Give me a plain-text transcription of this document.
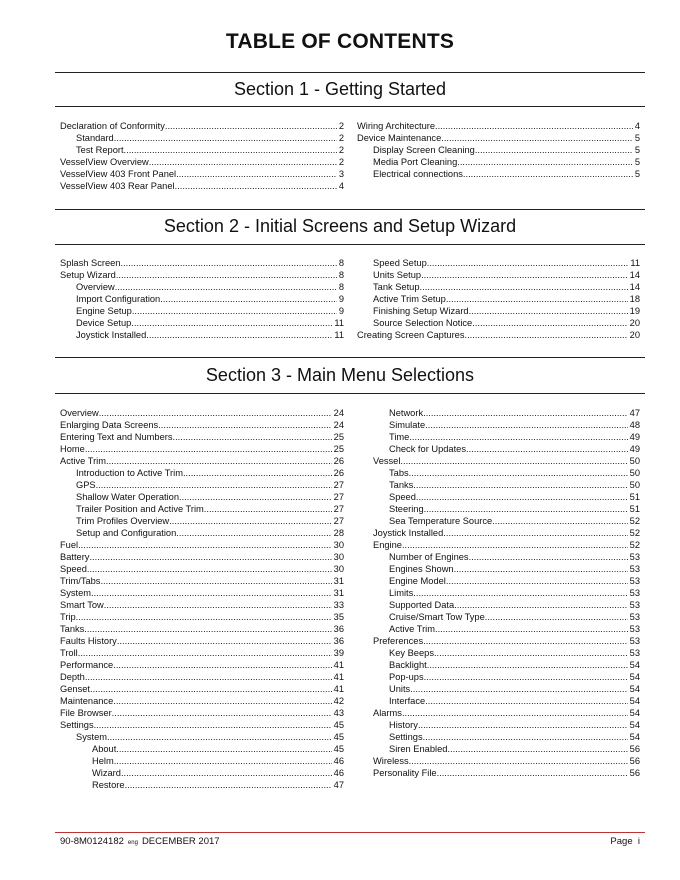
TABLE OF CONTENTS
Section 1 - Getting Started
Declaration of Conformity .....	2
Standard .....	2
Test Report .....	2
VesselView Overview .....	2
VesselView 403 Front Panel .....	3
VesselView 403 Rear Panel .....	4
Wiring Architecture .....	4
Device Maintenance .....	5
Display Screen Cleaning .....	5
Media Port Cleaning .....	5
Electrical connections .....	5
Section 2 - Initial Screens and Setup Wizard
Splash Screen .....	8
Setup Wizard .....	8
Overview .....	8
Import Configuration .....	9
Engine Setup .....	9
Device Setup .....	11
Joystick Installed .....	11
Speed Setup .....	11
Units Setup .....	14
Tank Setup .....	14
Active Trim Setup .....	18
Finishing Setup Wizard .....	19
Source Selection Notice .....	20
Creating Screen Captures .....	20
Section 3 - Main Menu Selections
Overview .....	24
Enlarging Data Screens .....	24
Entering Text and Numbers .....	25
Home .....	25
Active Trim .....	26
Introduction to Active Trim .....	26
GPS .....	27
Shallow Water Operation .....	27
Trailer Position and Active Trim .....	27
Trim Profiles Overview .....	27
Setup and Configuration .....	28
Fuel .....	30
Battery .....	30
Speed .....	30
Trim/Tabs .....	31
System .....	31
Smart Tow .....	33
Trip .....	35
Tanks .....	36
Faults History .....	36
Troll .....	39
Performance .....	41
Depth .....	41
Genset .....	41
Maintenance .....	42
File Browser .....	43
Settings .....	45
System .....	45
About .....	45
Helm .....	46
Wizard .....	46
Restore .....	47
Network .....	47
Simulate .....	48
Time .....	49
Check for Updates .....	49
Vessel .....	50
Tabs .....	50
Tanks .....	50
Speed .....	51
Steering .....	51
Sea Temperature Source .....	52
Joystick Installed .....	52
Engine .....	52
Number of Engines .....	53
Engines Shown .....	53
Engine Model .....	53
Limits .....	53
Supported Data .....	53
Cruise/Smart Tow Type .....	53
Active Trim .....	53
Preferences .....	53
Key Beeps .....	53
Backlight .....	54
Pop-ups .....	54
Units .....	54
Interface .....	54
Alarms .....	54
History .....	54
Settings .....	54
Siren Enabled .....	56
Wireless .....	56
Personality File .....	56
90-8M0124182 eng DECEMBER 2017	Page  i
